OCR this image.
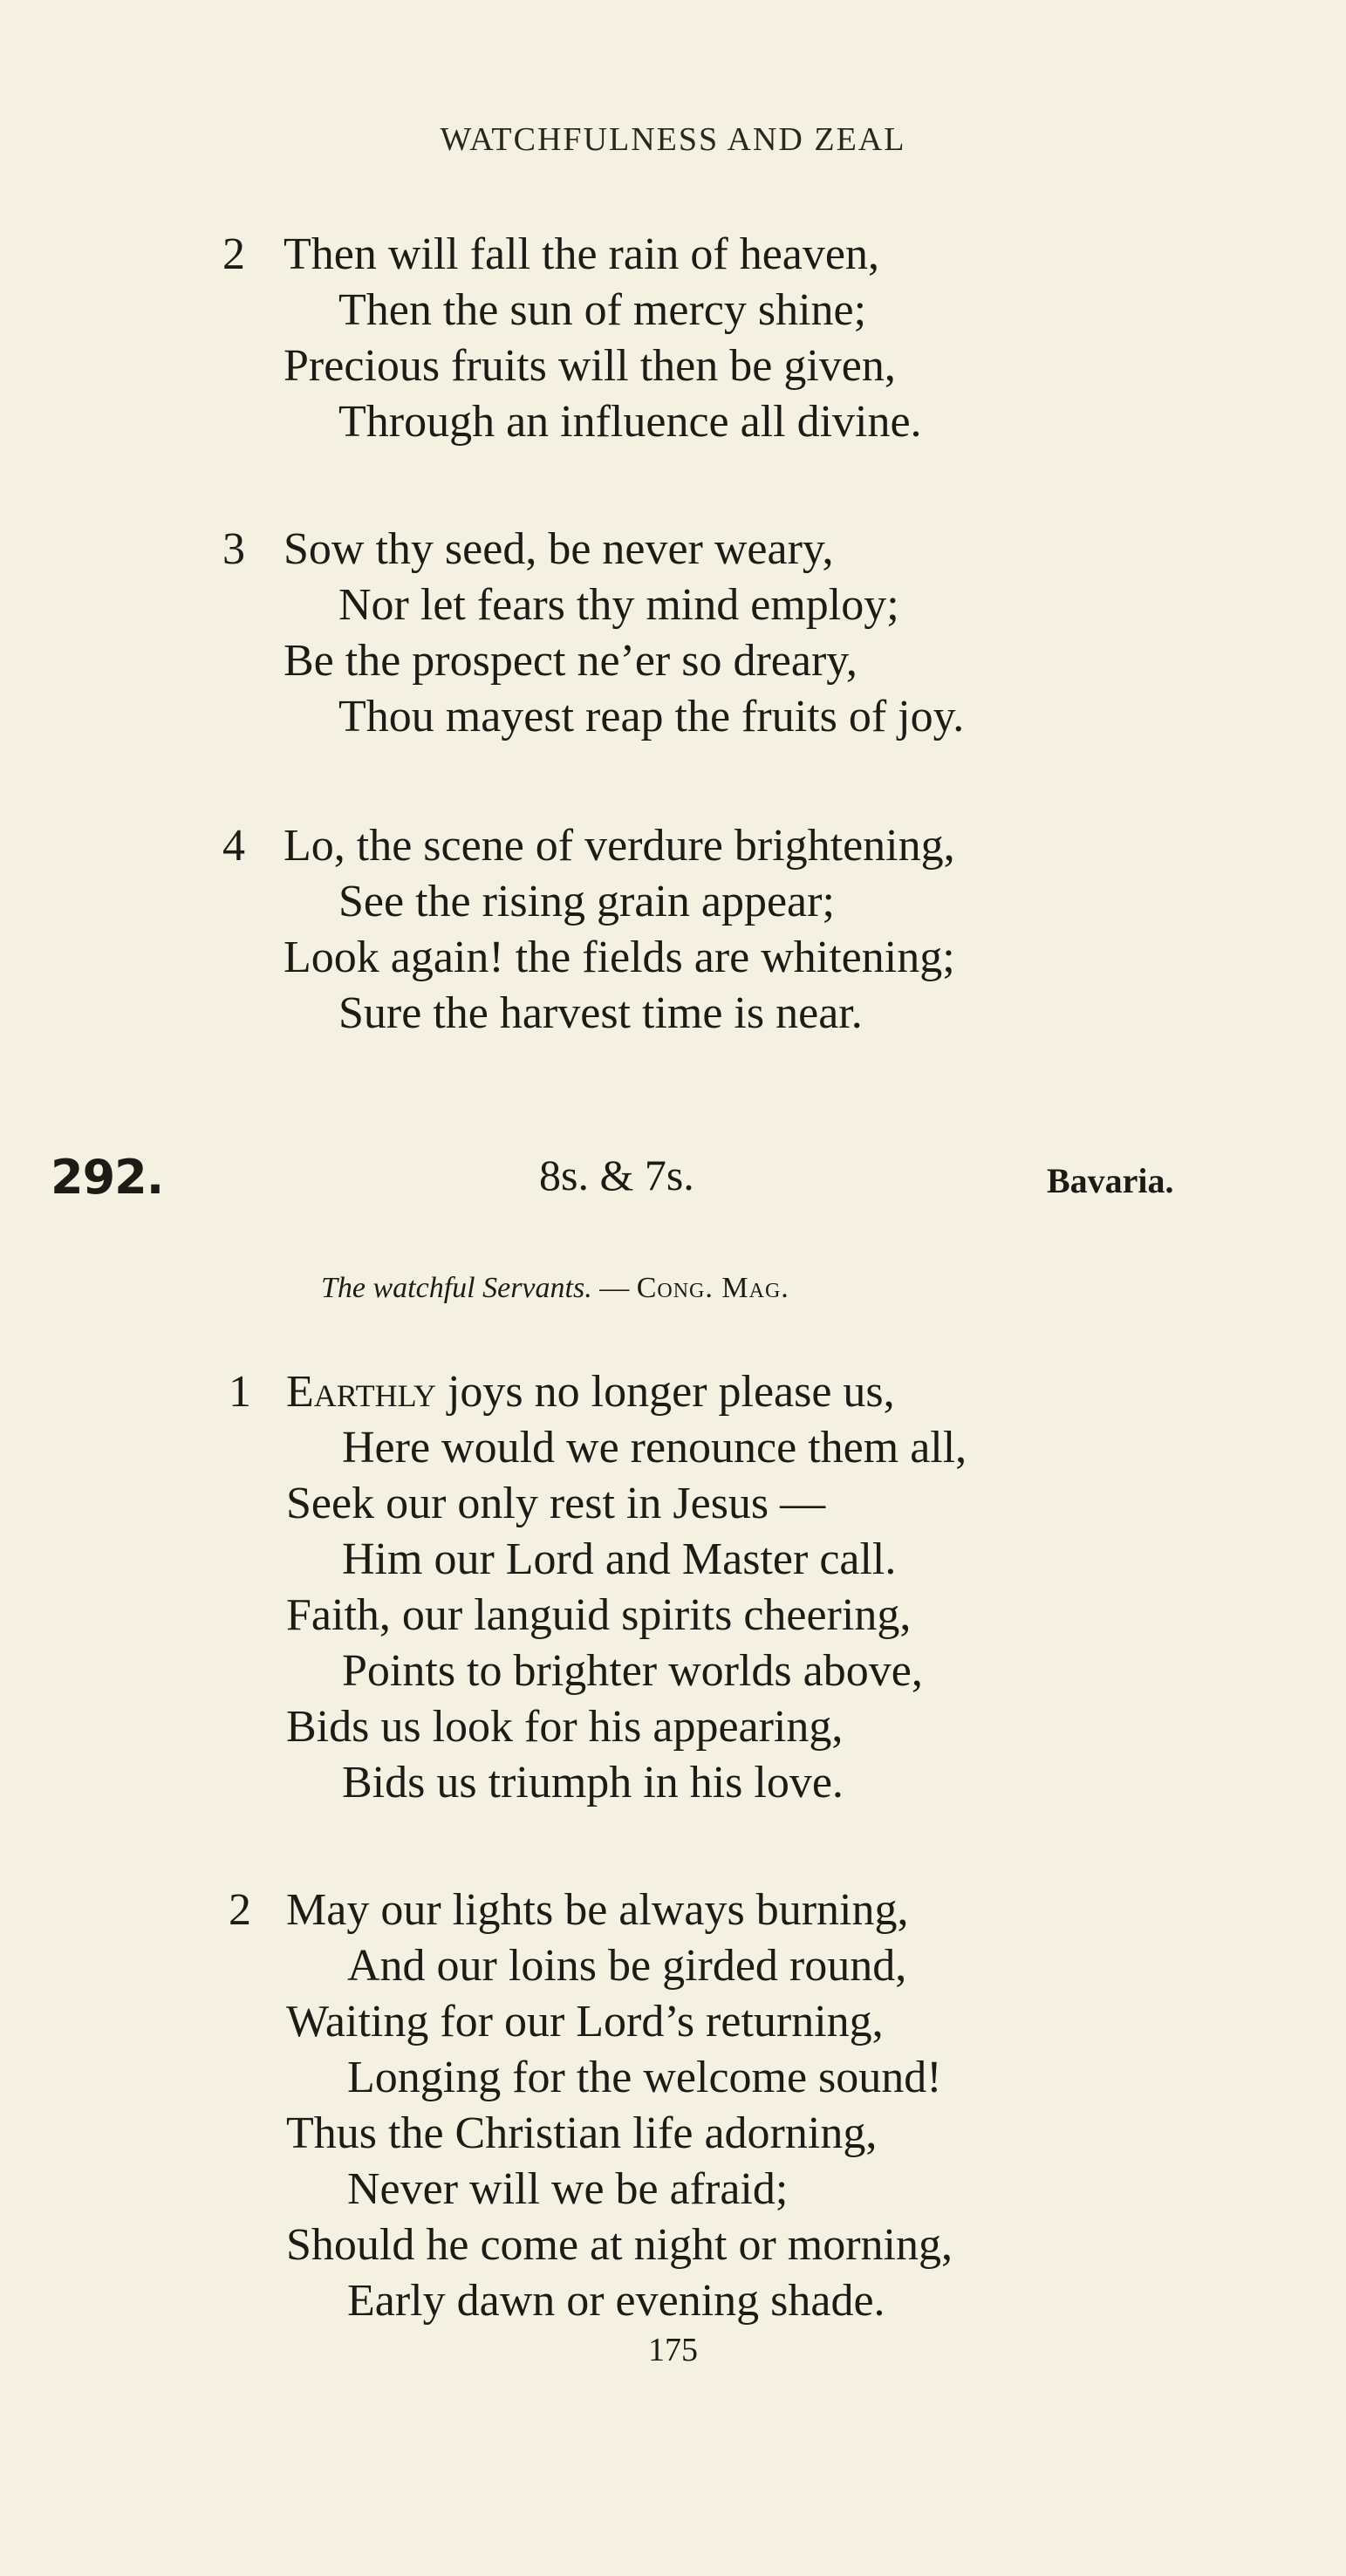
WATCHFULNESS AND ZEAL
2 Then will fall the rain of heaven,
Then the sun of mercy shine;
Precious fruits will then be given,
Through an influence all divine.
3 Sow thy seed, be never weary,
Nor let fears thy mind employ;
Be the prospect ne’er so dreary,
Thou mayest reap the fruits of joy.
4 Lo, the scene of verdure brightening,
See the rising grain appear;
Look again! the fields are whitening;
Sure the harvest time is near.
292.	8s. & 7s.	Bavaria.
The watchful Servants. — Cong. Mag.
1 Earthly joys no longer please us,
Here would we renounce them all,
Seek our only rest in Jesus —
Him our Lord and Master call.
Faith, our languid spirits cheering,
Points to brighter worlds above,
Bids us look for his appearing,
Bids us triumph in his love.
2 May our lights be always burning,
And our loins be girded round,
Waiting for our Lord’s returning,
Longing for the welcome sound!
Thus the Christian life adorning,
Never will we be afraid;
Should he come at night or morning,
Early dawn or evening shade.
175
